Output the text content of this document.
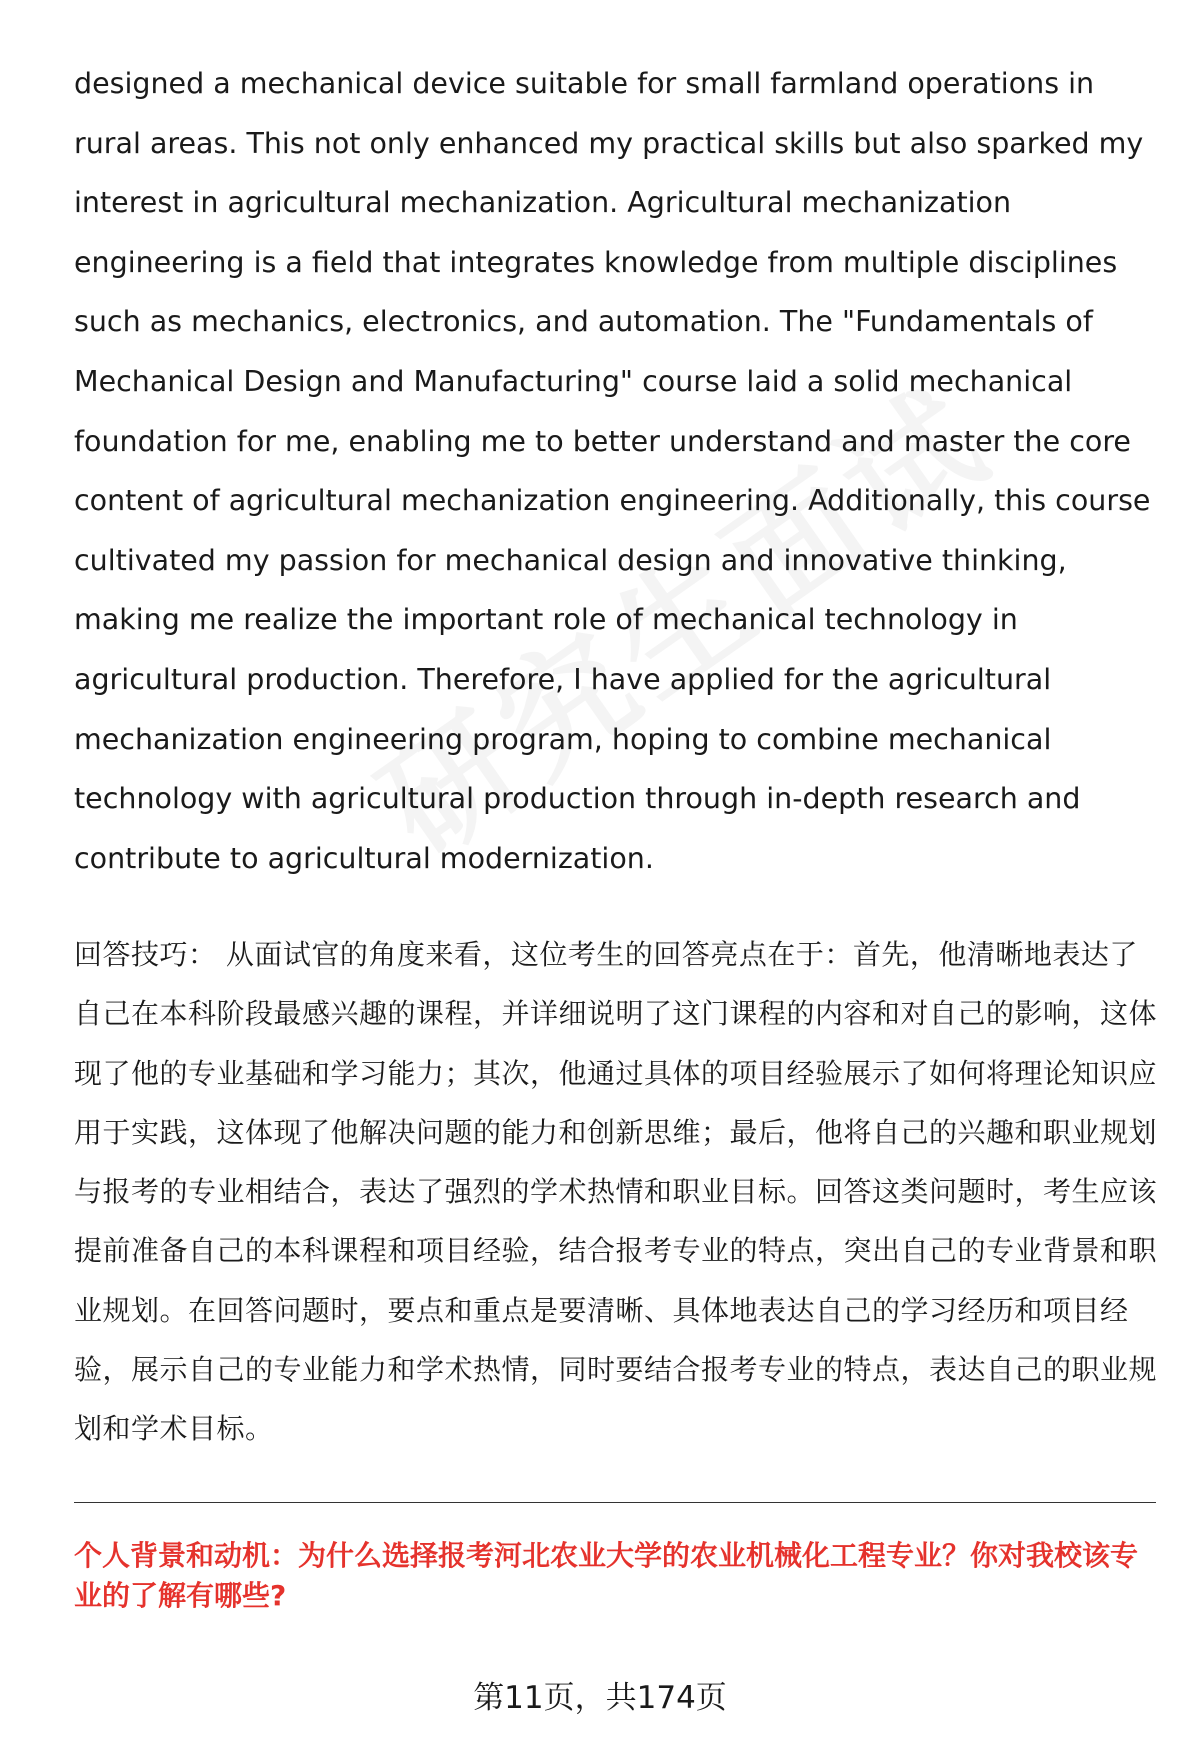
designed a mechanical device suitable for small farmland operations in rural areas. This not only enhanced my practical skills but also sparked my interest in agricultural mechanization. Agricultural mechanization engineering is a field that integrates knowledge from multiple disciplines such as mechanics, electronics, and automation. The "Fundamentals of Mechanical Design and Manufacturing" course laid a solid mechanical foundation for me, enabling me to better understand and master the core content of agricultural mechanization engineering. Additionally, this course cultivated my passion for mechanical design and innovative thinking, making me realize the important role of mechanical technology in agricultural production. Therefore, I have applied for the agricultural mechanization engineering program, hoping to combine mechanical technology with agricultural production through in-depth research and contribute to agricultural modernization.

回答技巧： 从面试官的角度来看，这位考生的回答亮点在于：首先，他清晰地表达了自己在本科阶段最感兴趣的课程，并详细说明了这门课程的内容和对自己的影响，这体现了他的专业基础和学习能力；其次，他通过具体的项目经验展示了如何将理论知识应用于实践，这体现了他解决问题的能力和创新思维；最后，他将自己的兴趣和职业规划与报考的专业相结合，表达了强烈的学术热情和职业目标。回答这类问题时，考生应该提前准备自己的本科课程和项目经验，结合报考专业的特点，突出自己的专业背景和职业规划。在回答问题时，要点和重点是要清晰、具体地表达自己的学习经历和项目经验，展示自己的专业能力和学术热情，同时要结合报考专业的特点，表达自己的职业规划和学术目标。

个人背景和动机：为什么选择报考河北农业大学的农业机械化工程专业？你对我校该专业的了解有哪些?

第11页，共174页
